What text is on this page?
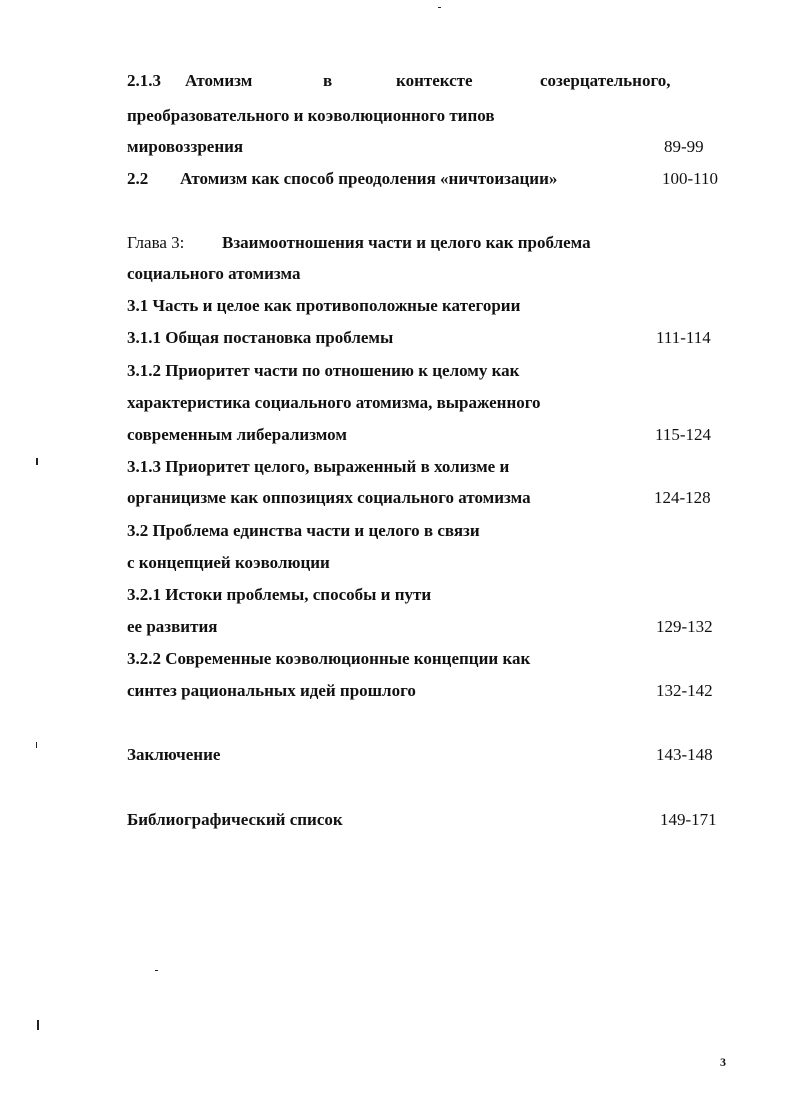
2.1.3 Атомизм	в	контексте	созерцательного,
преобразовательного и коэволюционного типов
мировоззрения	89-99
2.2 Атомизм как способ преодоления «ничтоизации»	100-110
Глава 3: Взаимоотношения части и целого как проблема
социального атомизма
3.1 Часть и целое как противоположные категории
3.1.1 Общая постановка проблемы	111-114
3.1.2 Приоритет части по отношению к целому как
характеристика социального атомизма, выраженного
современным либерализмом	115-124
3.1.3 Приоритет целого, выраженный в холизме и
органицизме как оппозициях социального атомизма	124-128
3.2 Проблема единства части и целого в связи
с концепцией коэволюции
3.2.1 Истоки проблемы, способы и пути
ее развития	129-132
3.2.2 Современные коэволюционные концепции как
синтез рациональных идей прошлого	132-142
Заключение	143-148
Библиографический список	149-171
3
